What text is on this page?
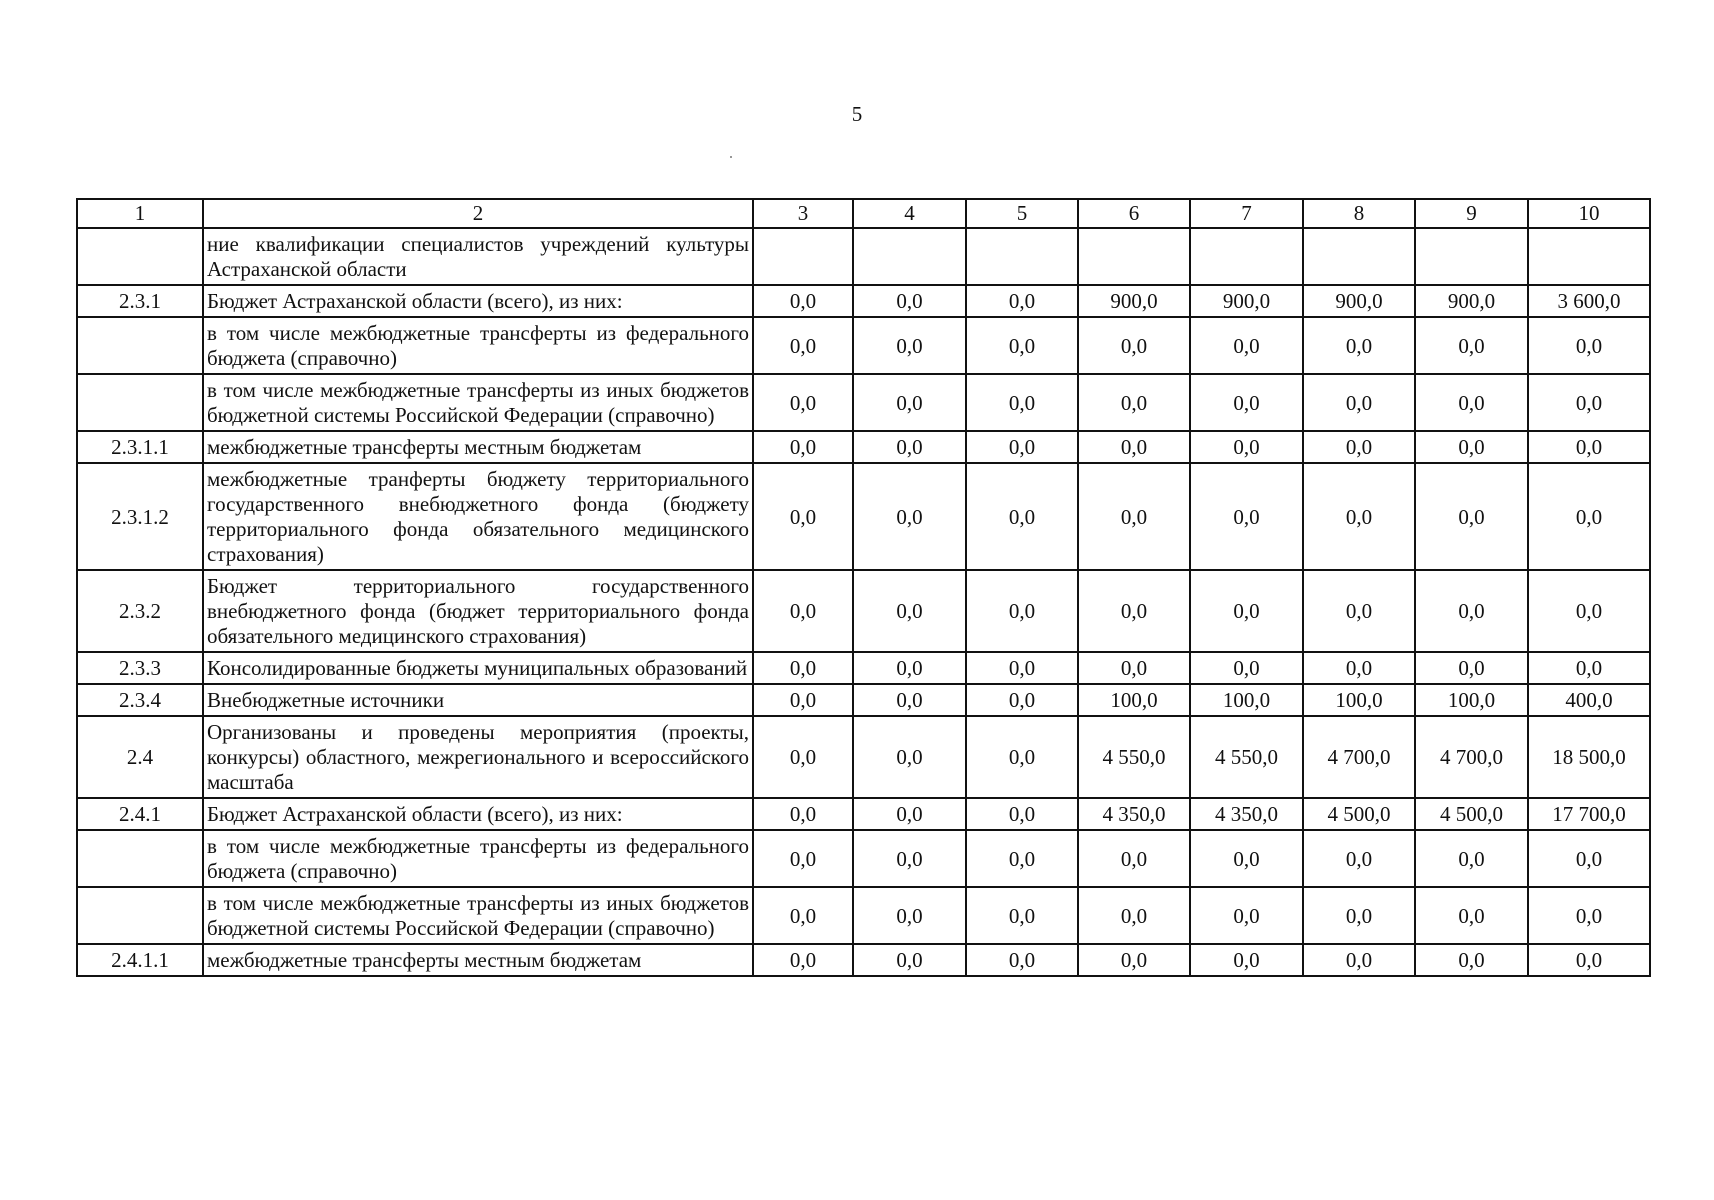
5
1	2	3	4	5	6	7	8	9	10
	ние квалификации специалистов учреждений культуры Астраханской области								
2.3.1	Бюджет Астраханской области (всего), из них:	0,0	0,0	0,0	900,0	900,0	900,0	900,0	3 600,0
	в том числе межбюджетные трансферты из федерального бюджета (справочно)	0,0	0,0	0,0	0,0	0,0	0,0	0,0	0,0
	в том числе межбюджетные трансферты из иных бюджетов бюджетной системы Российской Федерации (справочно)	0,0	0,0	0,0	0,0	0,0	0,0	0,0	0,0
2.3.1.1	межбюджетные трансферты местным бюджетам	0,0	0,0	0,0	0,0	0,0	0,0	0,0	0,0
2.3.1.2	межбюджетные транферты бюджету территориального государственного внебюджетного фонда (бюджету территориального фонда обязательного медицинского страхования)	0,0	0,0	0,0	0,0	0,0	0,0	0,0	0,0
2.3.2	Бюджет территориального государственного внебюджетного фонда (бюджет территориального фонда обязательного медицинского страхования)	0,0	0,0	0,0	0,0	0,0	0,0	0,0	0,0
2.3.3	Консолидированные бюджеты муниципальных образований	0,0	0,0	0,0	0,0	0,0	0,0	0,0	0,0
2.3.4	Внебюджетные источники	0,0	0,0	0,0	100,0	100,0	100,0	100,0	400,0
2.4	Организованы и проведены мероприятия (проекты, конкурсы) областного, межрегионального и всероссийского масштаба	0,0	0,0	0,0	4 550,0	4 550,0	4 700,0	4 700,0	18 500,0
2.4.1	Бюджет Астраханской области (всего), из них:	0,0	0,0	0,0	4 350,0	4 350,0	4 500,0	4 500,0	17 700,0
	в том числе межбюджетные трансферты из федерального бюджета (справочно)	0,0	0,0	0,0	0,0	0,0	0,0	0,0	0,0
	в том числе межбюджетные трансферты из иных бюджетов бюджетной системы Российской Федерации (справочно)	0,0	0,0	0,0	0,0	0,0	0,0	0,0	0,0
2.4.1.1	межбюджетные трансферты местным бюджетам	0,0	0,0	0,0	0,0	0,0	0,0	0,0	0,0
